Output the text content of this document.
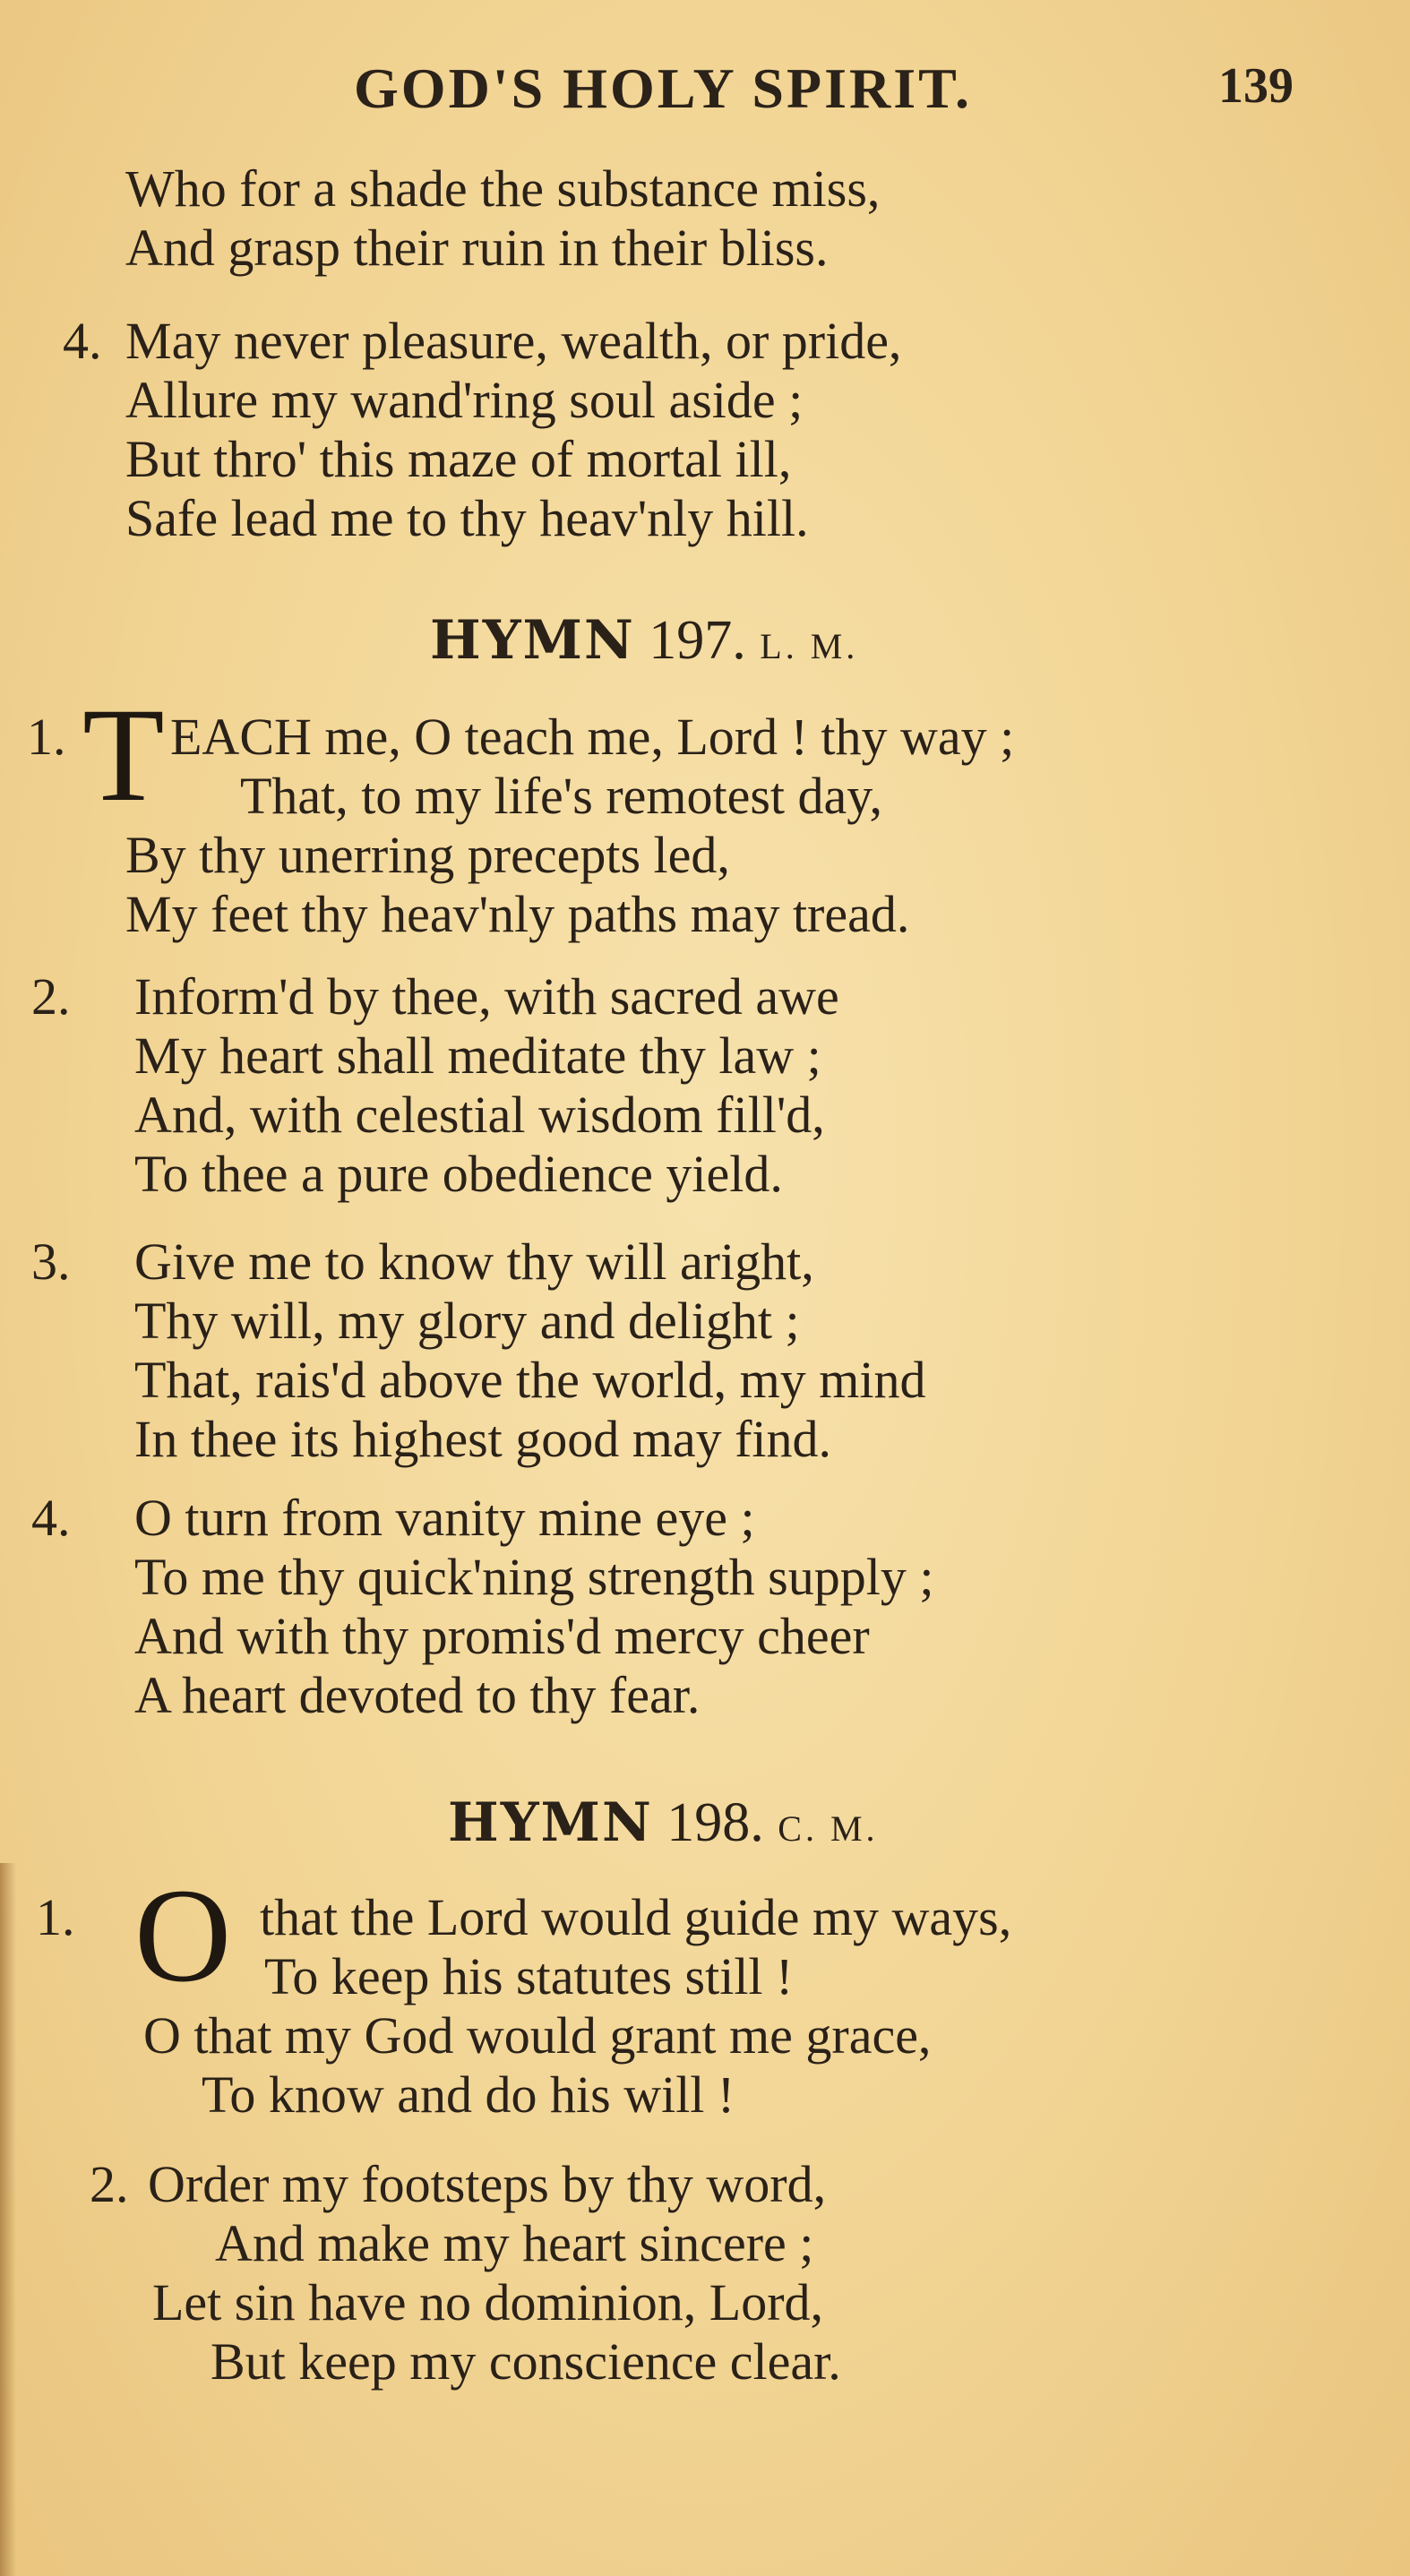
GOD'S HOLY SPIRIT.	139
Who for a shade the substance miss,
And grasp their ruin in their bliss.
4. May never pleasure, wealth, or pride,
Allure my wand'ring soul aside ;
But thro' this maze of mortal ill,
Safe lead me to thy heav'nly hill.
HYMN 197. L. M.
1. T EACH me, O teach me, Lord ! thy way ;
That, to my life's remotest day,
By thy unerring precepts led,
My feet thy heav'nly paths may tread.
2. Inform'd by thee, with sacred awe
My heart shall meditate thy law ;
And, with celestial wisdom fill'd,
To thee a pure obedience yield.
3. Give me to know thy will aright,
Thy will, my glory and delight ;
That, rais'd above the world, my mind
In thee its highest good may find.
4. O turn from vanity mine eye ;
To me thy quick'ning strength supply ;
And with thy promis'd mercy cheer
A heart devoted to thy fear.
HYMN 198. C. M.
1. O that the Lord would guide my ways,
To keep his statutes still !
O that my God would grant me grace,
To know and do his will !
2. Order my footsteps by thy word,
And make my heart sincere ;
Let sin have no dominion, Lord,
But keep my conscience clear.
